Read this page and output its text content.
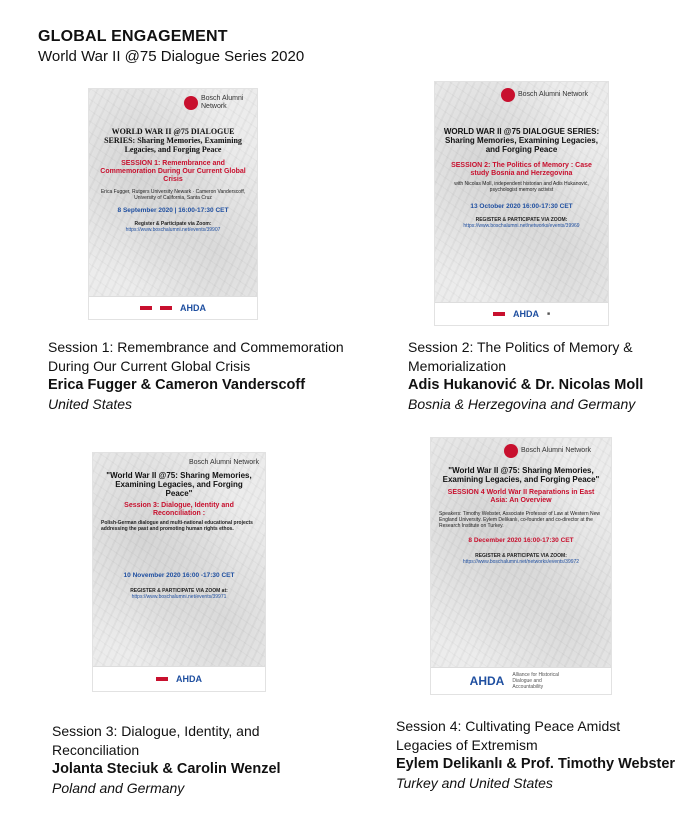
GLOBAL ENGAGEMENT
World War II @75 Dialogue Series 2020
Bosch Alumni Network
WORLD WAR II @75 DIALOGUE SERIES: Sharing Memories, Examining Legacies, and Forging Peace
SESSION 1: Remembrance and Commemoration During Our Current Global Crisis
Erica Fugger, Rutgers University Newark · Cameron Vanderscoff, University of California, Santa Cruz
8 September 2020 | 16:00-17:30 CET
Register & Participate via Zoom:
https://www.boschalumni.net/events/39907
AHDA
Bosch Alumni Network
WORLD WAR II @75 DIALOGUE SERIES: Sharing Memories, Examining Legacies, and Forging Peace
SESSION 2: The Politics of Memory : Case study Bosnia and Herzegovina
with Nicolas Moll, independent historian and Adis Hukanović, psychologist memory activist
13 October 2020 16:00-17:30 CET
REGISTER & PARTICIPATE VIA ZOOM:
https://www.boschalumni.net/networks/events/39969
AHDA ■
Bosch Alumni Network
"World War II @75: Sharing Memories, Examining Legacies, and Forging Peace"
Session 3: Dialogue, Identity and Reconciliation :
Polish-German dialogue and multi-national educational projects addressing the past and promoting human rights ethos.
10 November 2020 16:00 -17:30 CET
REGISTER & PARTICIPATE VIA ZOOM at:
https://www.boschalumni.net/events/39971
AHDA
Bosch Alumni Network
"World War II @75: Sharing Memories, Examining Legacies, and Forging Peace"
SESSION 4 World War II Reparations in East Asia: An Overview
Speakers: Timothy Webster, Associate Professor of Law at Western New England University. Eylem Delikanlı, co-founder and co-director at the Research Institute on Turkey.
8 December 2020 16:00-17:30 CET
REGISTER & PARTICIPATE VIA ZOOM:
https://www.boschalumni.net/networks/events/39972
AHDA Alliance for Historical Dialogue and Accountability
Session 1: Remembrance and Commemoration During Our Current Global Crisis
Erica Fugger & Cameron Vanderscoff
United States
Session 2: The Politics of Memory & Memorialization
Adis Hukanović & Dr. Nicolas Moll
Bosnia & Herzegovina and Germany
Session 3: Dialogue, Identity, and Reconciliation
Jolanta Steciuk & Carolin Wenzel
Poland and Germany
Session 4: Cultivating Peace Amidst Legacies of Extremism
Eylem Delikanlı & Prof. Timothy Webster
Turkey and United States
